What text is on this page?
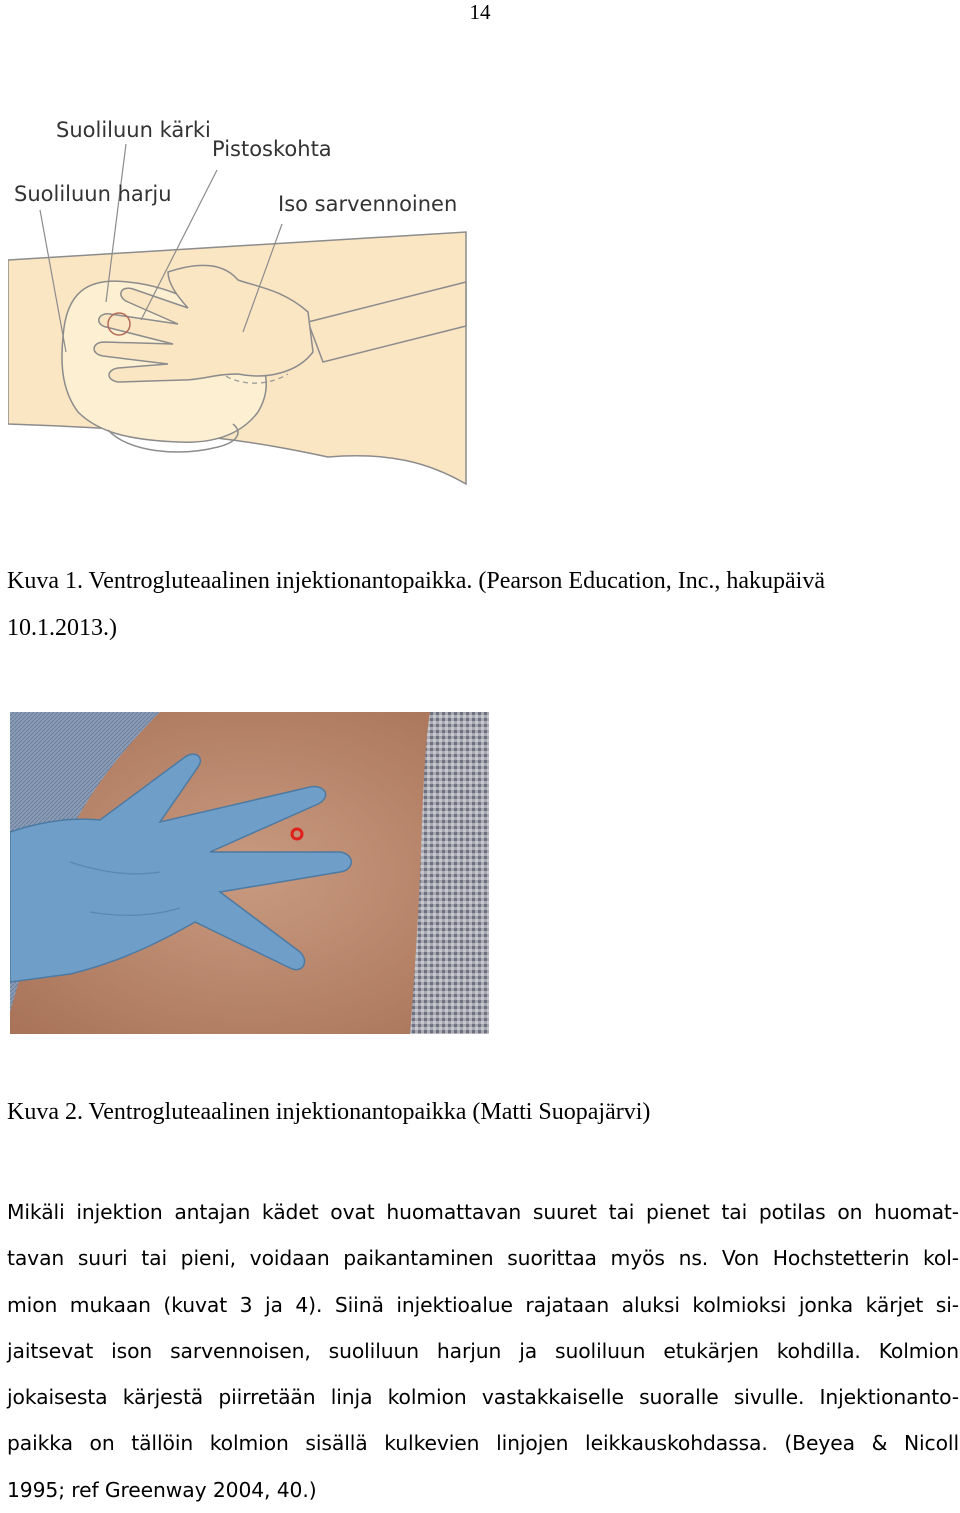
14
Suoliluun kärki
Pistoskohta
Suoliluun harju	Iso sarvennoinen
Kuva 1. Ventrogluteaalinen injektionantopaikka. (Pearson Education, Inc., hakupäivä
10.1.2013.)
Kuva 2. Ventrogluteaalinen injektionantopaikka (Matti Suopajärvi)
Mikäli injektion antajan kädet ovat huomattavan suuret tai pienet tai potilas on huomat-
tavan suuri tai pieni, voidaan paikantaminen suorittaa myös ns. Von Hochstetterin kol-
mion mukaan (kuvat 3 ja 4). Siinä injektioalue rajataan aluksi kolmioksi jonka kärjet si-
jaitsevat ison sarvennoisen, suoliluun harjun ja suoliluun etukärjen kohdilla. Kolmion
jokaisesta kärjestä piirretään linja kolmion vastakkaiselle suoralle sivulle. Injektionanto-
paikka on tällöin kolmion sisällä kulkevien linjojen leikkauskohdassa. (Beyea & Nicoll
1995; ref Greenway 2004, 40.)
